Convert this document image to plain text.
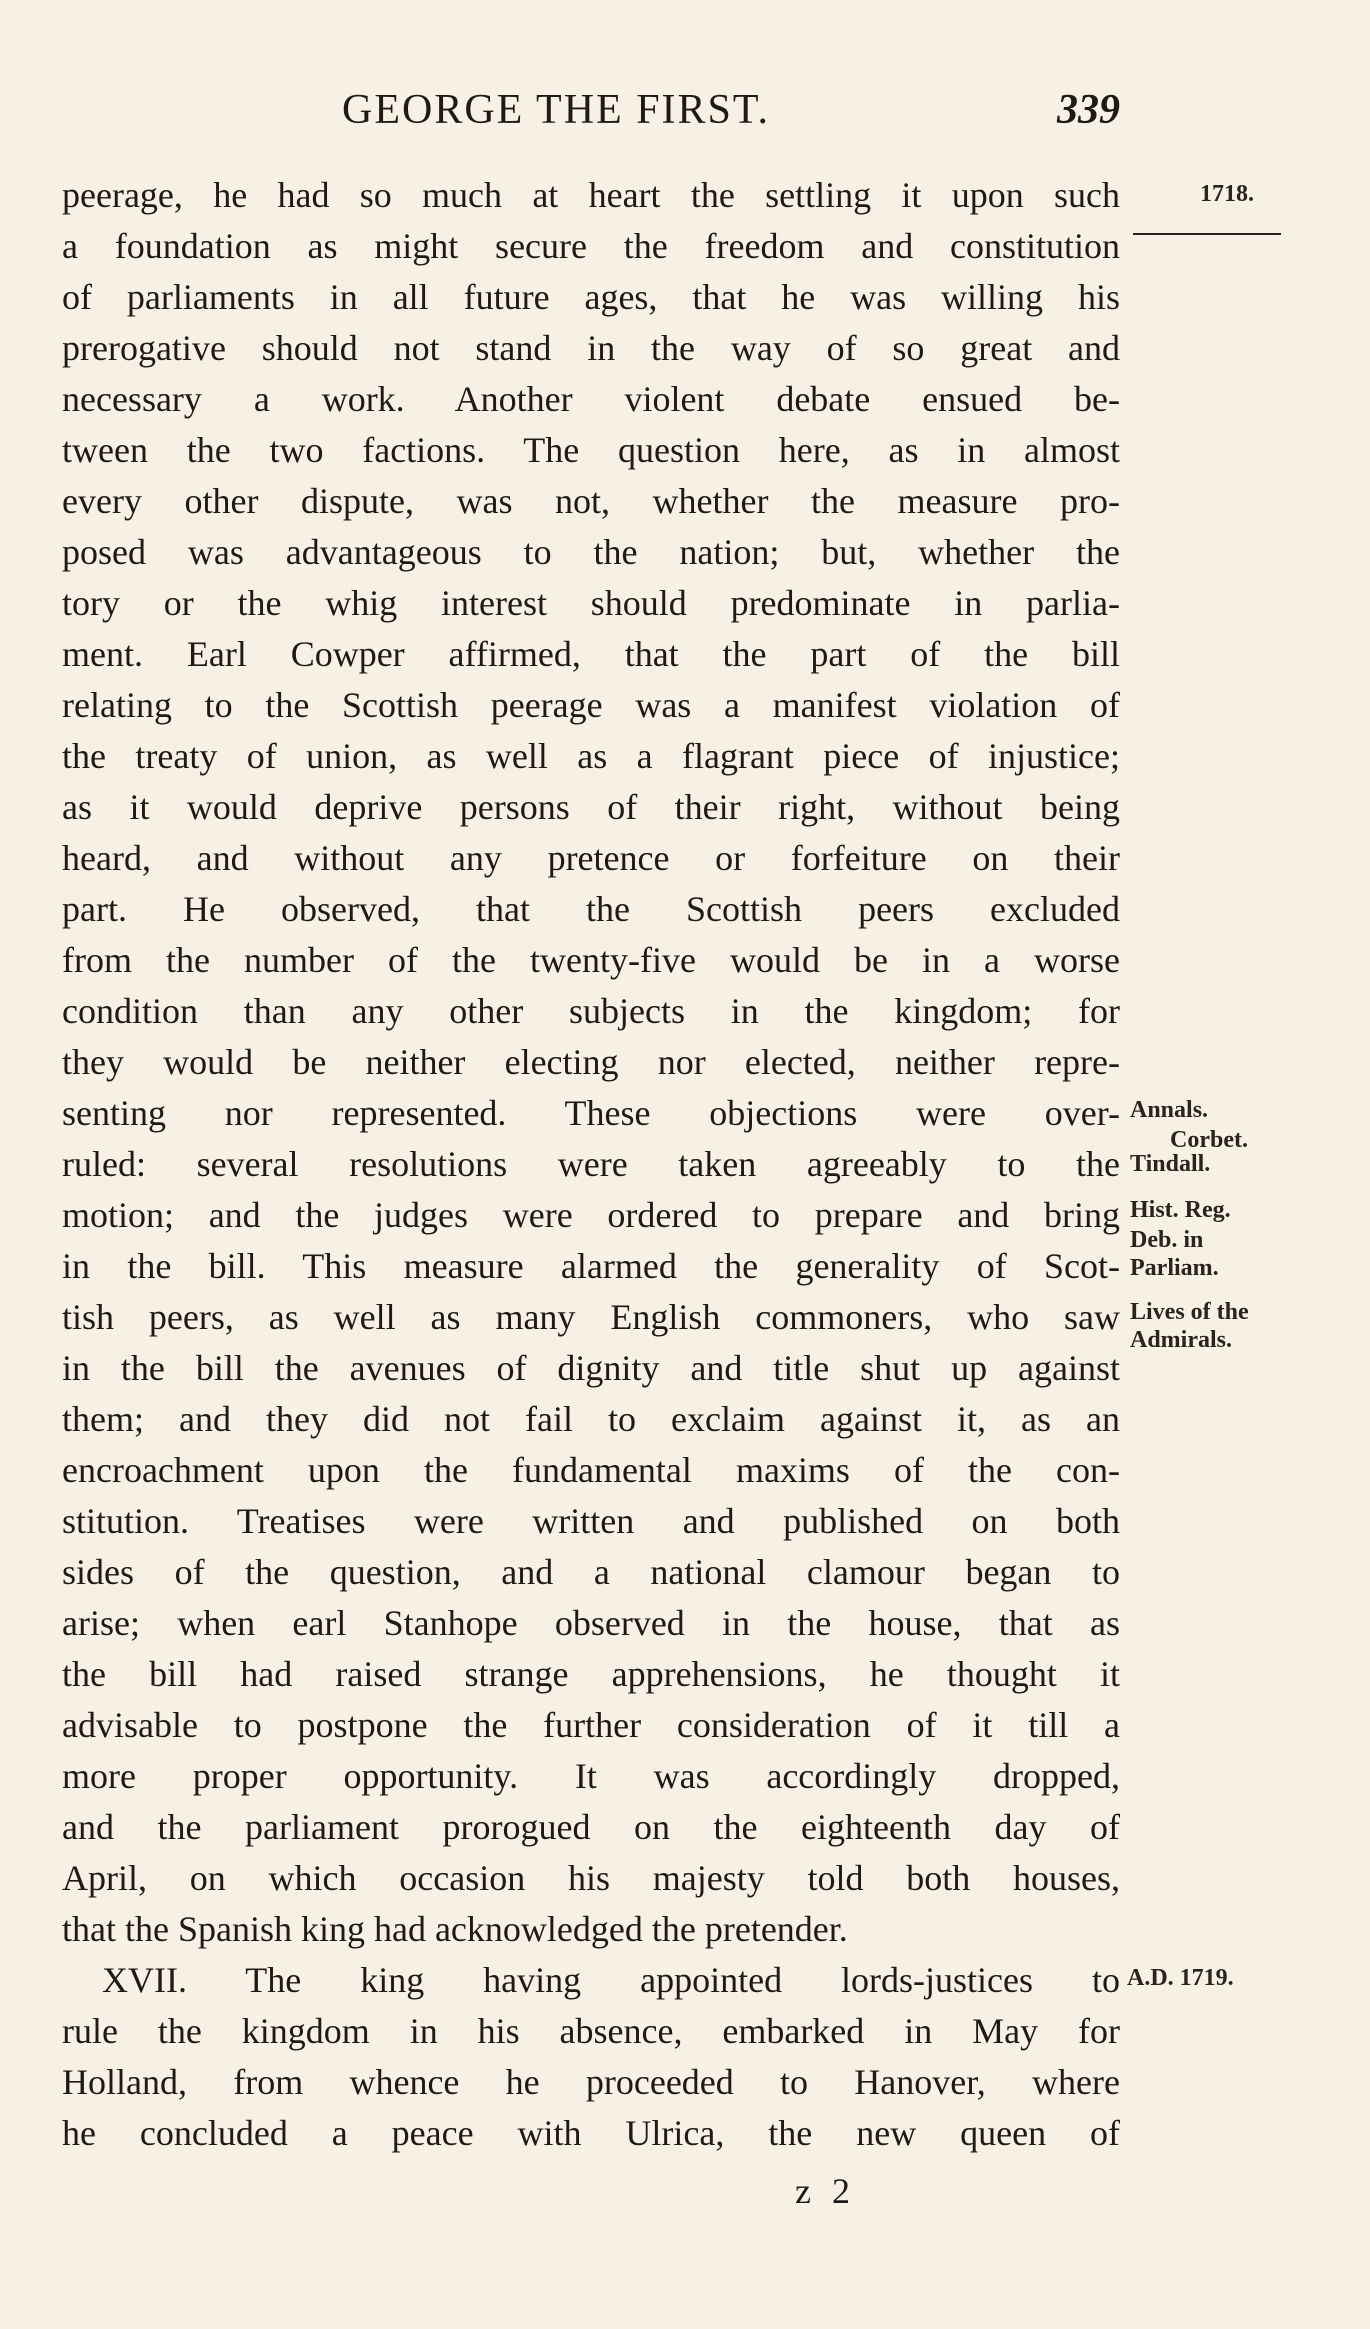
GEORGE THE FIRST.	339
peerage, he had so much at heart the settling it upon such
a foundation as might secure the freedom and constitution
of parliaments in all future ages, that he was willing his
prerogative should not stand in the way of so great and
necessary a work. Another violent debate ensued be-
tween the two factions. The question here, as in almost
every other dispute, was not, whether the measure pro-
posed was advantageous to the nation; but, whether the
tory or the whig interest should predominate in parlia-
ment. Earl Cowper affirmed, that the part of the bill
relating to the Scottish peerage was a manifest violation of
the treaty of union, as well as a flagrant piece of injustice;
as it would deprive persons of their right, without being
heard, and without any pretence or forfeiture on their
part. He observed, that the Scottish peers excluded
from the number of the twenty-five would be in a worse
condition than any other subjects in the kingdom; for
they would be neither electing nor elected, neither repre-
senting nor represented. These objections were over-
ruled: several resolutions were taken agreeably to the
motion; and the judges were ordered to prepare and bring
in the bill. This measure alarmed the generality of Scot-
tish peers, as well as many English commoners, who saw
in the bill the avenues of dignity and title shut up against
them; and they did not fail to exclaim against it, as an
encroachment upon the fundamental maxims of the con-
stitution. Treatises were written and published on both
sides of the question, and a national clamour began to
arise; when earl Stanhope observed in the house, that as
the bill had raised strange apprehensions, he thought it
advisable to postpone the further consideration of it till a
more proper opportunity. It was accordingly dropped,
and the parliament prorogued on the eighteenth day of
April, on which occasion his majesty told both houses,
that the Spanish king had acknowledged the pretender.
XVII. The king having appointed lords-justices to
rule the kingdom in his absence, embarked in May for
Holland, from whence he proceeded to Hanover, where
he concluded a peace with Ulrica, the new queen of
1718.
Annals.
Corbet.
Tindall.
Hist. Reg.
Deb. in
Parliam.
Lives of the
Admirals.
A.D. 1719.
z 2
